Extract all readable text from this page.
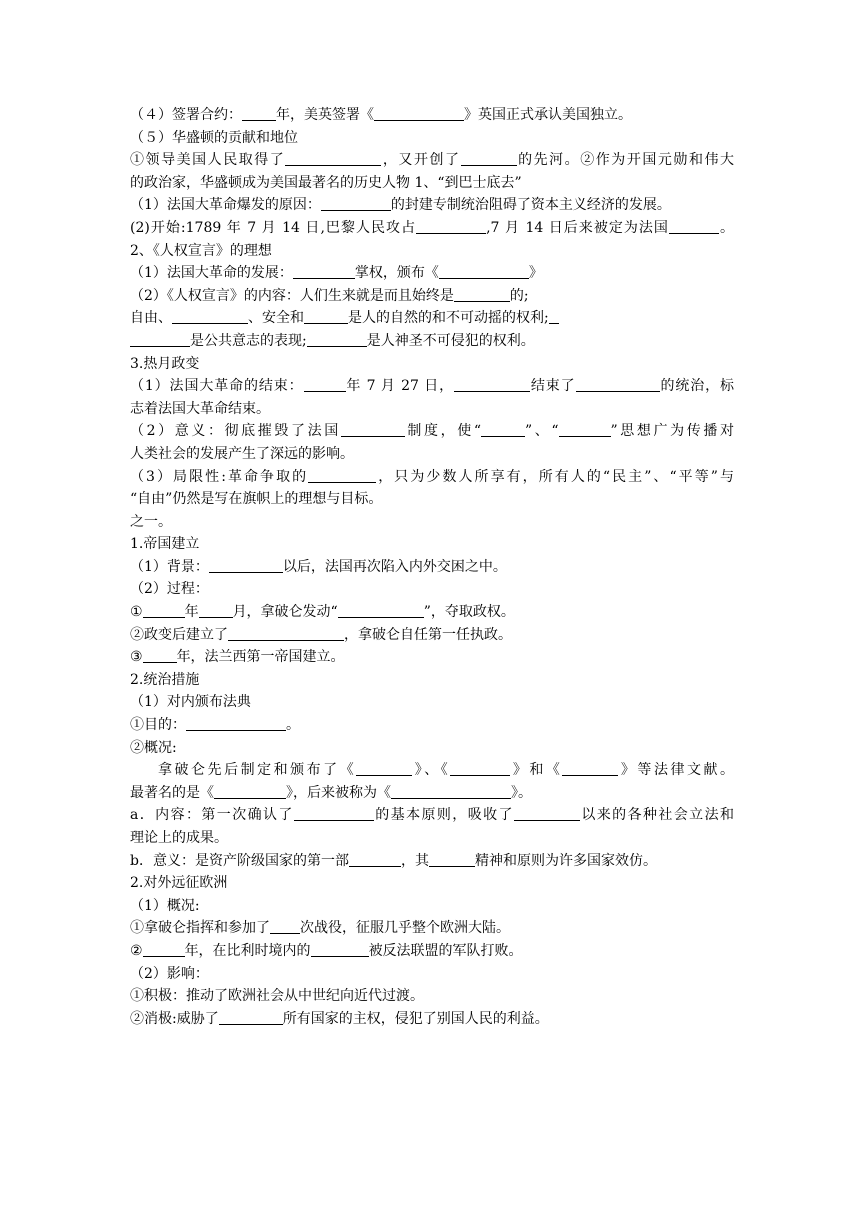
（４）签署合约： 年，美英签署《	》英国正式承认美国独立。
（５）华盛顿的贡献和地位
①领导美国人民取得了	，又开创了	的先河。②作为开国元勋和伟大
的政治家，华盛顿成为美国最著名的历史人物 1、“到巴士底去”
（1）法国大革命爆发的原因：	的封建专制统治阻碍了资本主义经济的发展。
(2)开始:1789 年 7 月 14 日,巴黎人民攻占	,7 月 14 日后来被定为法国	。
2、《人权宣言》的理想
（1）法国大革命的发展：	掌权，颁布《	》
（2）《人权宣言》的内容：人们生来就是而且始终是	的;
自由、	、安全和	是人的自然的和不可动摇的权利;
是公共意志的表现;	是人神圣不可侵犯的权利。
3.热月政变
（1）法国大革命的结束：	年 7 月 27 日，	结束了	的统治，标
志着法国大革命结束。
（2）意义：彻底摧毁了法国	制度，使“	”、“	”思想广为传播对
人类社会的发展产生了深远的影响。
（3）局限性:革命争取的	，只为少数人所享有，所有人的“民主”、“平等”与
“自由”仍然是写在旗帜上的理想与目标。
之一。
1.帝国建立
（1）背景：	以后，法国再次陷入内外交困之中。
（2）过程：
①	年 月，拿破仑发动“	”，夺取政权。
②政变后建立了	，拿破仑自任第一任执政。
③ 年，法兰西第一帝国建立。
2.统治措施
（1）对内颁布法典
①目的：	。
②概况:
拿破仑先后制定和颁布了《	》、《	》和《	》等法律文献。
最著名的是《	》，后来被称为《	》。
a．内容：第一次确认了	的基本原则，吸收了	以来的各种社会立法和
理论上的成果。
b．意义：是资产阶级国家的第一部	，其	精神和原则为许多国家效仿。
2.对外远征欧洲
（1）概况:
①拿破仑指挥和参加了 次战役，征服几乎整个欧洲大陆。
②	年，在比利时境内的	被反法联盟的军队打败。
（2）影响：
①积极：推动了欧洲社会从中世纪向近代过渡。
②消极:威胁了	所有国家的主权，侵犯了别国人民的利益。
